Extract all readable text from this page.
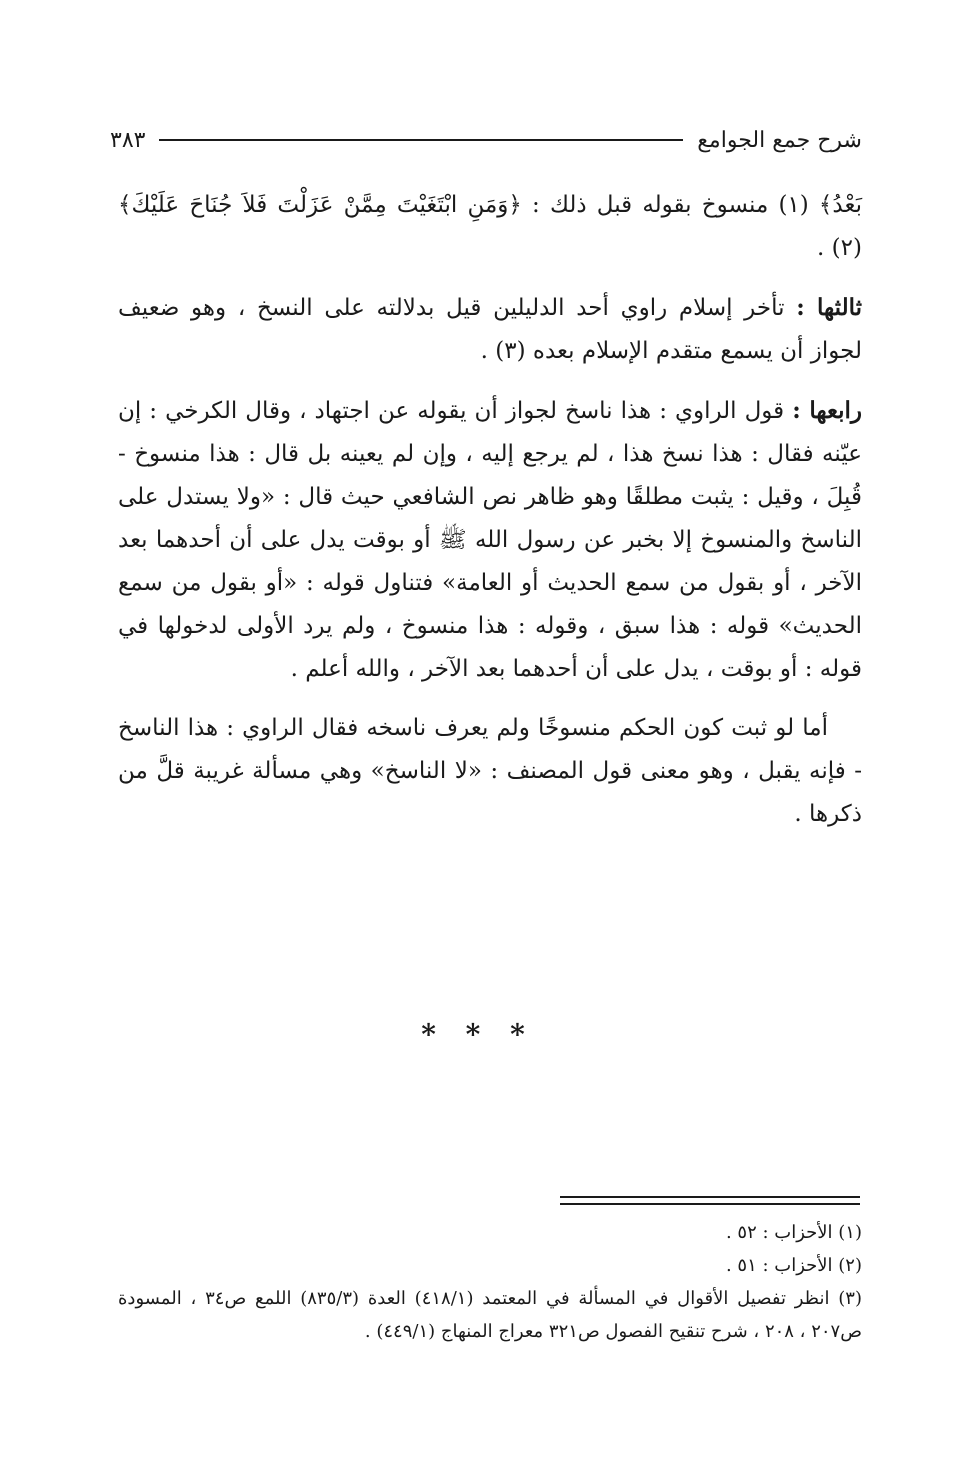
شرح جمع الجوامع
٣٨٣

بَعْدُ﴾ (١) منسوخ بقوله قبل ذلك : ﴿وَمَنِ ابْتَغَيْتَ مِمَّنْ عَزَلْتَ فَلاَ جُنَاحَ عَلَيْكَ﴾ (٢) .

ثالثها : تأخر إسلام راوي أحد الدليلين قيل بدلالته على النسخ ، وهو ضعيف لجواز أن يسمع متقدم الإسلام بعده (٣) .

رابعها : قول الراوي : هذا ناسخ لجواز أن يقوله عن اجتهاد ، وقال الكرخي : إن عيّنه فقال : هذا نسخ هذا ، لم يرجع إليه ، وإن لم يعينه بل قال : هذا منسوخ - قُبِلَ ، وقيل : يثبت مطلقًا وهو ظاهر نص الشافعي حيث قال : «ولا يستدل على الناسخ والمنسوخ إلا بخبر عن رسول الله ﷺ أو بوقت يدل على أن أحدهما بعد الآخر ، أو بقول من سمع الحديث أو العامة» فتناول قوله : «أو بقول من سمع الحديث» قوله : هذا سبق ، وقوله : هذا منسوخ ، ولم يرد الأولى لدخولها في قوله : أو بوقت ، يدل على أن أحدهما بعد الآخر ، والله أعلم .

أما لو ثبت كون الحكم منسوخًا ولم يعرف ناسخه فقال الراوي : هذا الناسخ - فإنه يقبل ، وهو معنى قول المصنف : «لا الناسخ» وهي مسألة غريبة قلَّ من ذكرها .

* * *

(١) الأحزاب : ٥٢ .

(٢) الأحزاب : ٥١ .

(٣) انظر تفصيل الأقوال في المسألة في المعتمد (٤١٨/١) العدة (٨٣٥/٣) اللمع ص٣٤ ، المسودة ص٢٠٧ ، ٢٠٨ ، شرح تنقيح الفصول ص٣٢١ معراج المنهاج (٤٤٩/١) .
